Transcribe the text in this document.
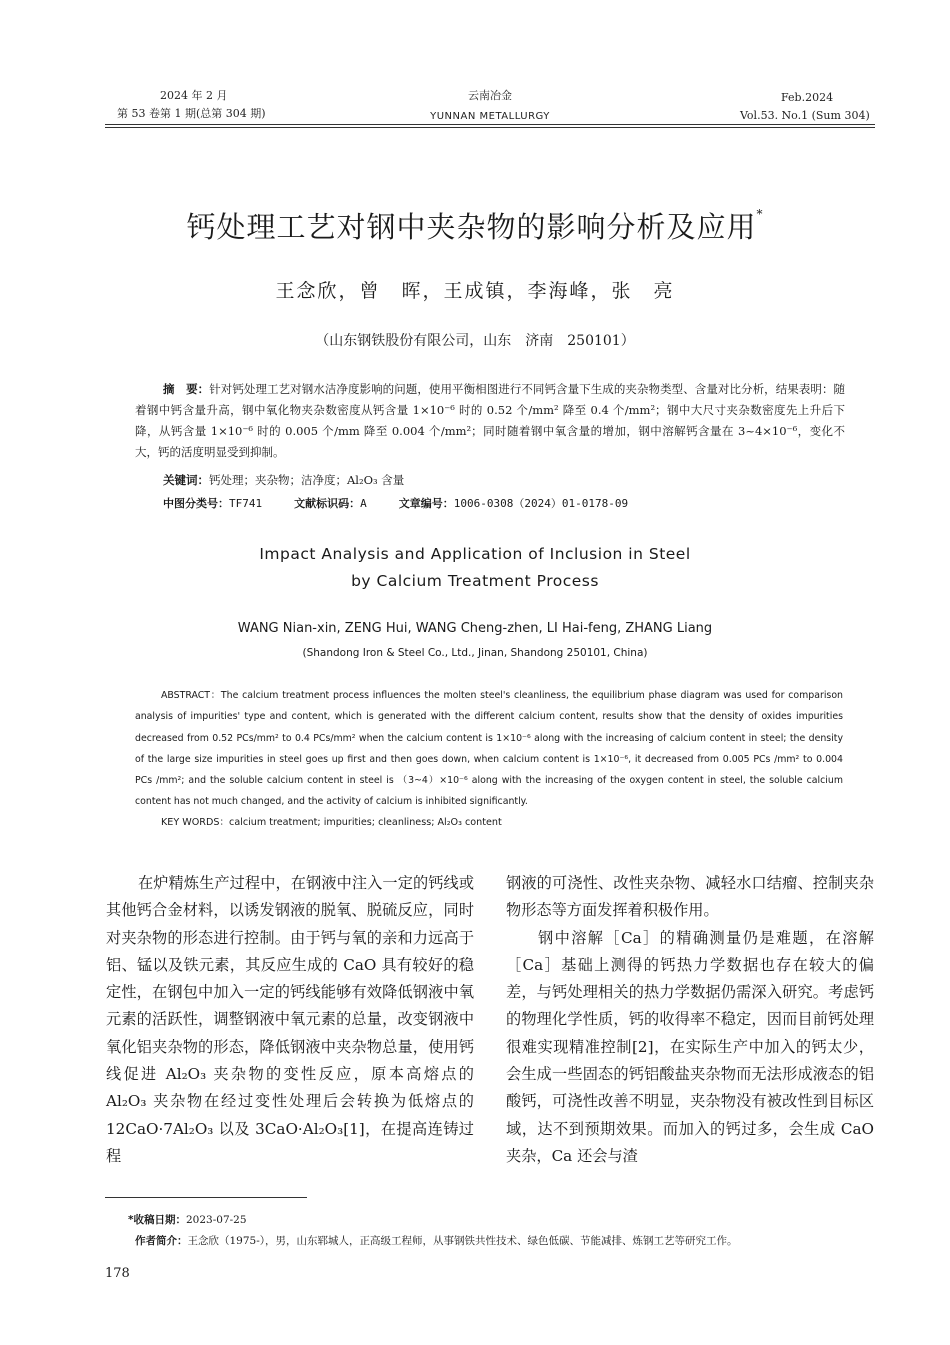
2024 年 2 月
第 53 卷第 1 期(总第 304 期)
云南冶金
YUNNAN METALLURGY
Feb.2024
Vol.53. No.1 (Sum 304)
钙处理工艺对钢中夹杂物的影响分析及应用*
王念欣，曾　晖，王成镇，李海峰，张　亮
（山东钢铁股份有限公司，山东　济南　250101）
摘　要：针对钙处理工艺对钢水洁净度影响的问题，使用平衡相图进行不同钙含量下生成的夹杂物类型、含量对比分析，结果表明：随着钢中钙含量升高，钢中氧化物夹杂数密度从钙含量 1×10⁻⁶ 时的 0.52 个/mm² 降至 0.4 个/mm²；钢中大尺寸夹杂数密度先上升后下降，从钙含量 1×10⁻⁶ 时的 0.005 个/mm 降至 0.004 个/mm²；同时随着钢中氧含量的增加，钢中溶解钙含量在 3~4×10⁻⁶，变化不大，钙的活度明显受到抑制。
关键词：钙处理；夹杂物；洁净度；Al₂O₃ 含量
中图分类号：TF741	文献标识码：A	文章编号：1006-0308（2024）01-0178-09
Impact Analysis and Application of Inclusion in Steel
by Calcium Treatment Process
WANG Nian-xin, ZENG Hui, WANG Cheng-zhen, LI Hai-feng, ZHANG Liang
(Shandong Iron & Steel Co., Ltd., Jinan, Shandong 250101, China)
ABSTRACT：The calcium treatment process influences the molten steel's cleanliness, the equilibrium phase diagram was used for comparison analysis of impurities' type and content, which is generated with the different calcium content, results show that the density of oxides impurities decreased from 0.52 PCs/mm² to 0.4 PCs/mm² when the calcium content is 1×10⁻⁶ along with the increasing of calcium content in steel; the density of the large size impurities in steel goes up first and then goes down, when calcium content is 1×10⁻⁶, it decreased from 0.005 PCs /mm² to 0.004 PCs /mm²; and the soluble calcium content in steel is （3~4）×10⁻⁶ along with the increasing of the oxygen content in steel, the soluble calcium content has not much changed, and the activity of calcium is inhibited significantly.
KEY WORDS：calcium treatment; impurities; cleanliness; Al₂O₃ content

在炉精炼生产过程中，在钢液中注入一定的钙线或其他钙合金材料，以诱发钢液的脱氧、脱硫反应，同时对夹杂物的形态进行控制。由于钙与氧的亲和力远高于铝、锰以及铁元素，其反应生成的 CaO 具有较好的稳定性，在钢包中加入一定的钙线能够有效降低钢液中氧元素的活跃性，调整钢液中氧元素的总量，改变钢液中氧化铝夹杂物的形态，降低钢液中夹杂物总量，使用钙线促进 Al₂O₃ 夹杂物的变性反应，原本高熔点的 Al₂O₃ 夹杂物在经过变性处理后会转换为低熔点的 12CaO·7Al₂O₃ 以及 3CaO·Al₂O₃[1]，在提高连铸过程

钢液的可浇性、改性夹杂物、减轻水口结瘤、控制夹杂物形态等方面发挥着积极作用。

钢中溶解［Ca］的精确测量仍是难题，在溶解［Ca］基础上测得的钙热力学数据也存在较大的偏差，与钙处理相关的热力学数据仍需深入研究。考虑钙的物理化学性质，钙的收得率不稳定，因而目前钙处理很难实现精准控制[2]，在实际生产中加入的钙太少，会生成一些固态的钙铝酸盐夹杂物而无法形成液态的铝酸钙，可浇性改善不明显，夹杂物没有被改性到目标区域，达不到预期效果。而加入的钙过多，会生成 CaO 夹杂，Ca 还会与渣

*收稿日期：2023-07-25
作者简介：王念欣（1975-），男，山东郓城人，正高级工程师，从事钢铁共性技术、绿色低碳、节能减排、炼钢工艺等研究工作。
178
